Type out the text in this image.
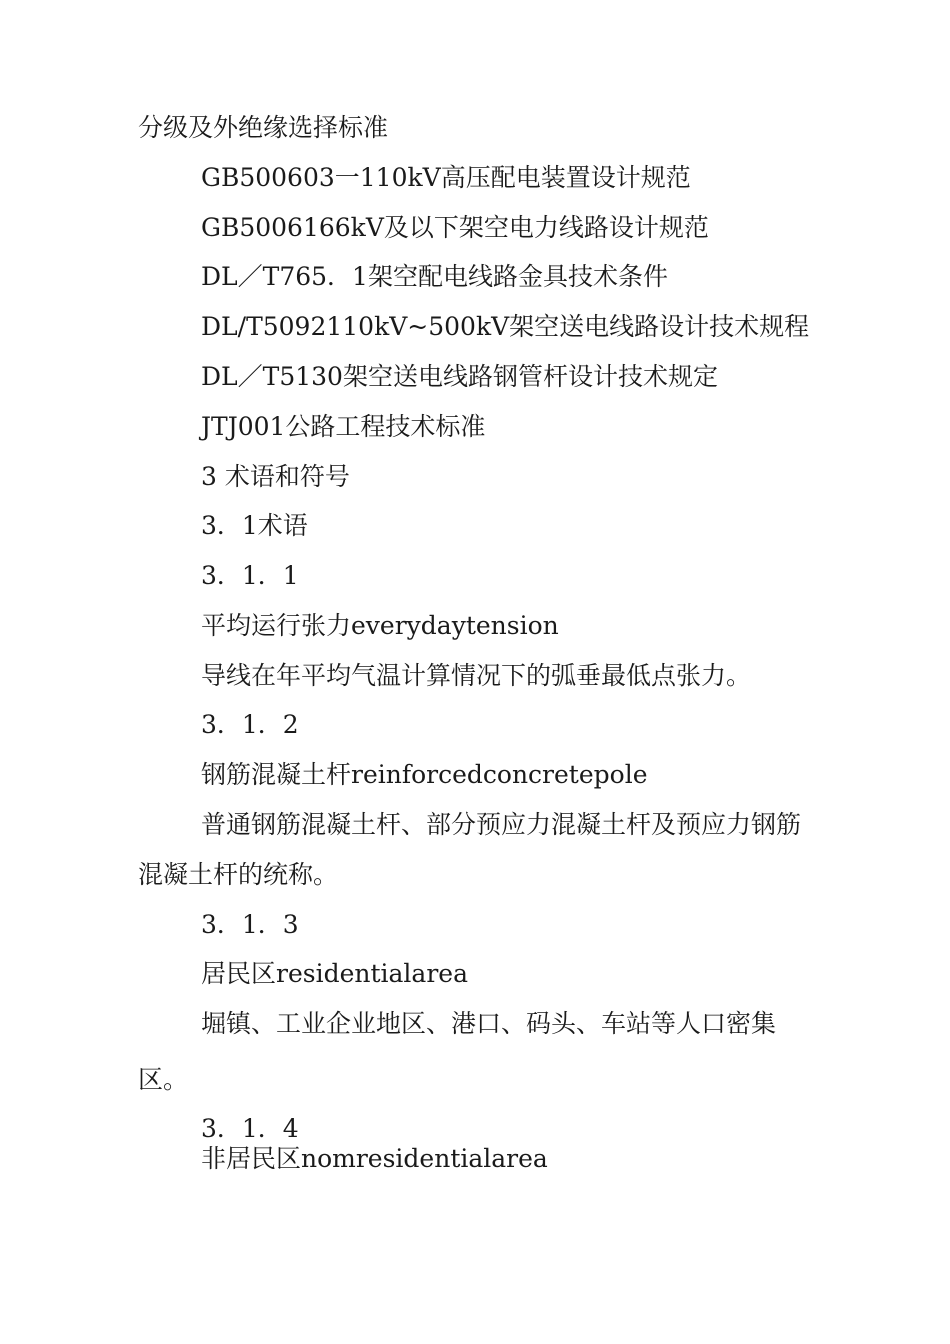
分级及外绝缘选择标准
GB500603一110kV高压配电装置设计规范
GB5006166kV及以下架空电力线路设计规范
DL／T765．1架空配电线路金具技术条件
DL/T5092110kV~500kV架空送电线路设计技术规程
DL／T5130架空送电线路钢管杆设计技术规定
JTJ001公路工程技术标准
3 术语和符号
3．1术语
3．1．1
平均运行张力everydaytension
导线在年平均气温计算情况下的弧垂最低点张力。
3．1．2
钢筋混凝土杆reinforcedconcretepole
普通钢筋混凝土杆、部分预应力混凝土杆及预应力钢筋
混凝土杆的统称。
3．1．3
居民区residentialarea
堀镇、工业企业地区、港口、码头、车站等人口密集
区。
3．1．4
非居民区nomresidentialarea
